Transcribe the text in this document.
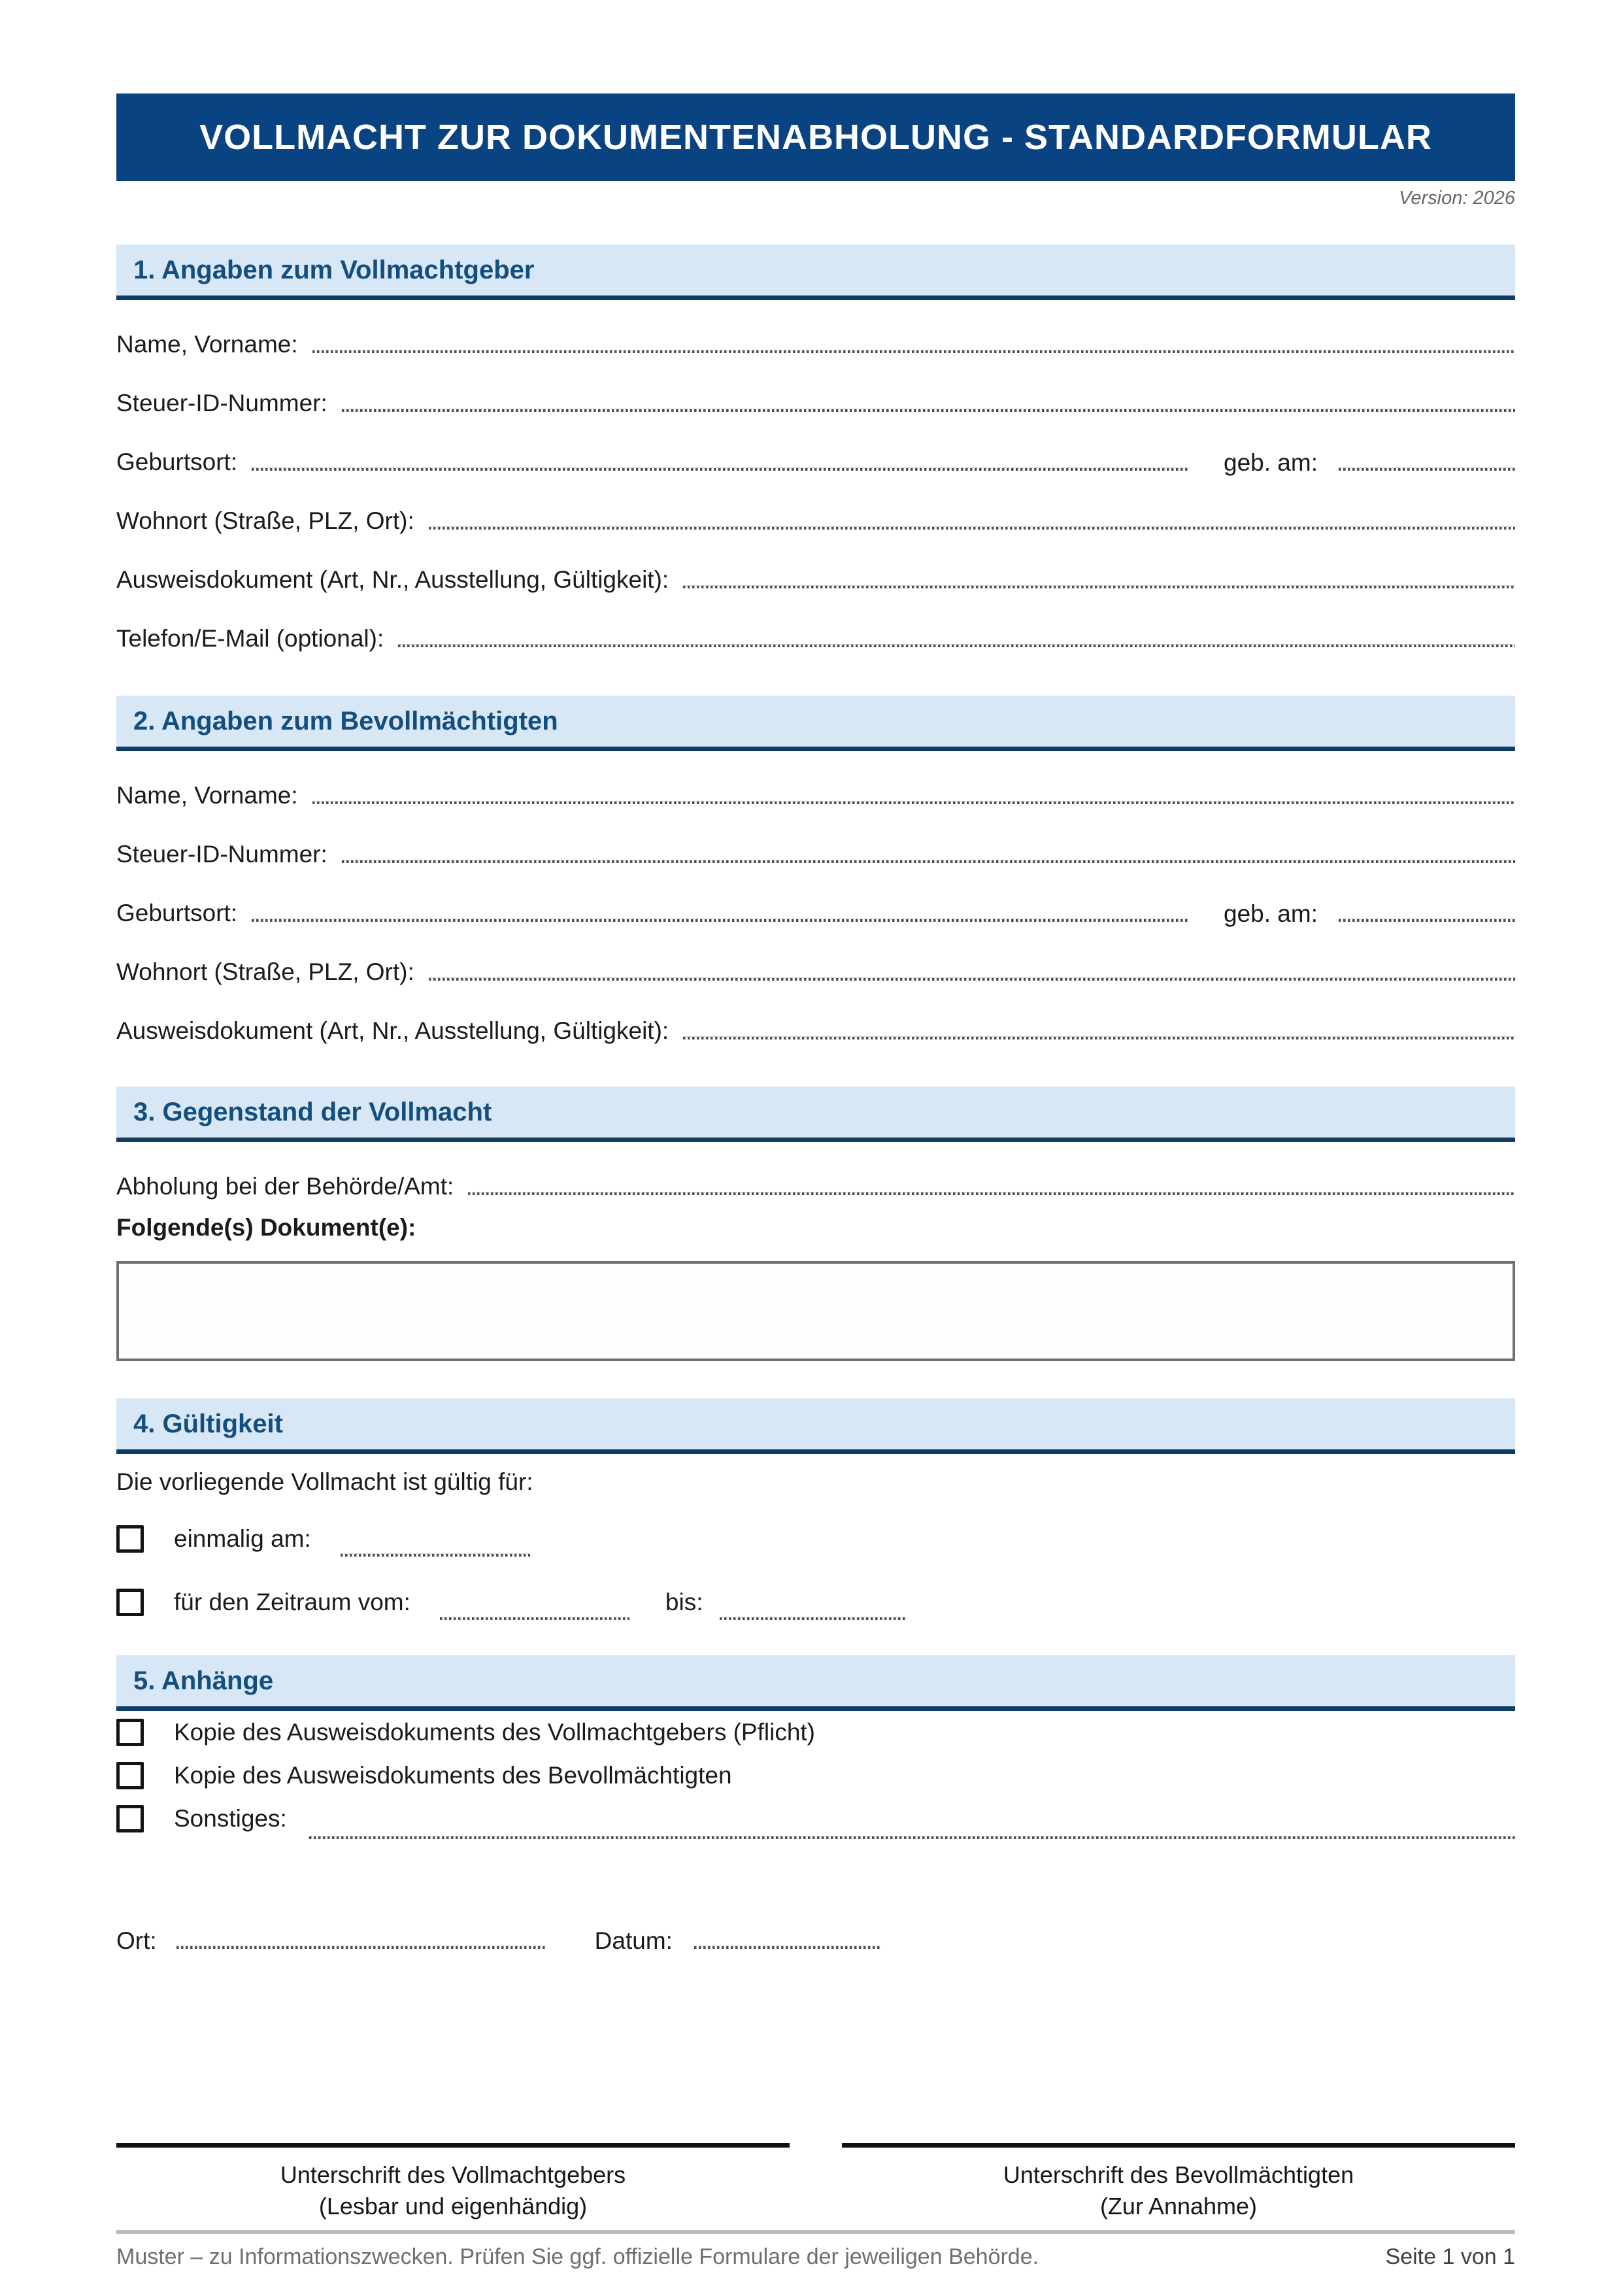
VOLLMACHT ZUR DOKUMENTENABHOLUNG - STANDARDFORMULAR
Version: 2026
1. Angaben zum Vollmachtgeber
Name, Vorname:
Steuer-ID-Nummer:
Geburtsort:	geb. am:
Wohnort (Straße, PLZ, Ort):
Ausweisdokument (Art, Nr., Ausstellung, Gültigkeit):
Telefon/E-Mail (optional):
2. Angaben zum Bevollmächtigten
Name, Vorname:
Steuer-ID-Nummer:
Geburtsort:	geb. am:
Wohnort (Straße, PLZ, Ort):
Ausweisdokument (Art, Nr., Ausstellung, Gültigkeit):
3. Gegenstand der Vollmacht
Abholung bei der Behörde/Amt:
Folgende(s) Dokument(e):
4. Gültigkeit
Die vorliegende Vollmacht ist gültig für:
einmalig am:
für den Zeitraum vom:	bis:
5. Anhänge
Kopie des Ausweisdokuments des Vollmachtgebers (Pflicht)
Kopie des Ausweisdokuments des Bevollmächtigten
Sonstiges:
Ort:	Datum:
Unterschrift des Vollmachtgebers
(Lesbar und eigenhändig)
Unterschrift des Bevollmächtigten
(Zur Annahme)
Muster – zu Informationszwecken. Prüfen Sie ggf. offizielle Formulare der jeweiligen Behörde.	Seite 1 von 1
